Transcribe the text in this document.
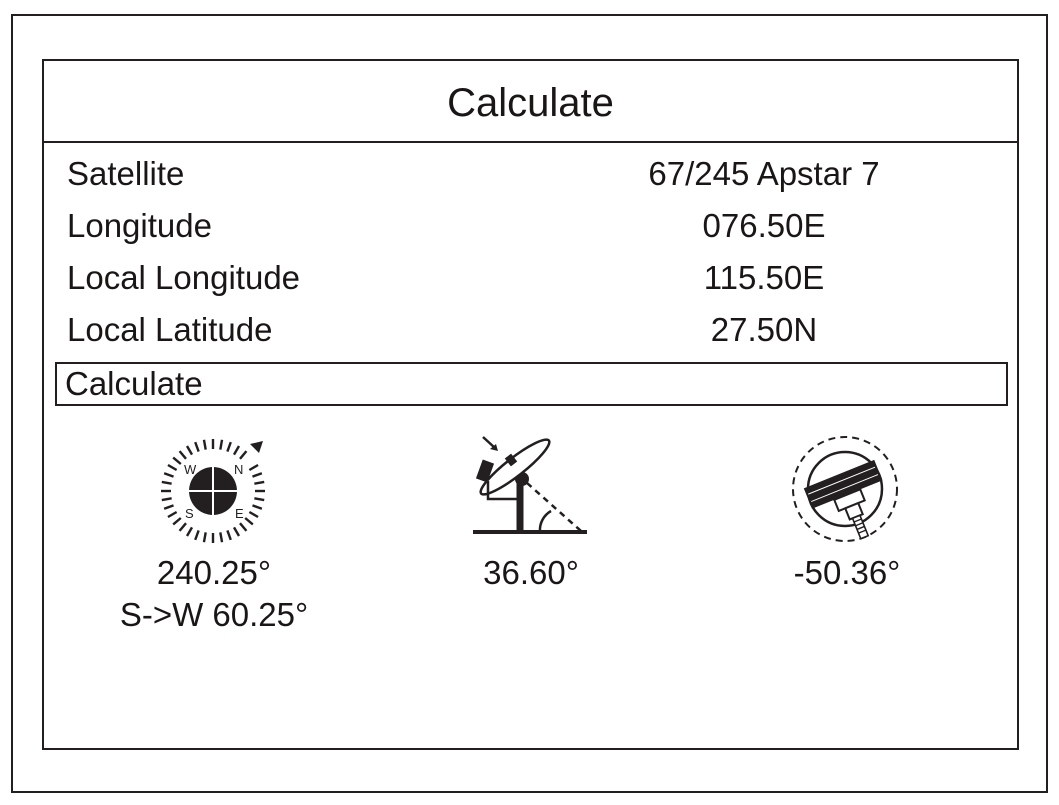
Calculate
Satellite	67/245 Apstar 7
Longitude	076.50E
Local Longitude	115.50E
Local Latitude	27.50N
Calculate
W	N
S	E
240.25°
S->W 60.25°
36.60°	-50.36°
